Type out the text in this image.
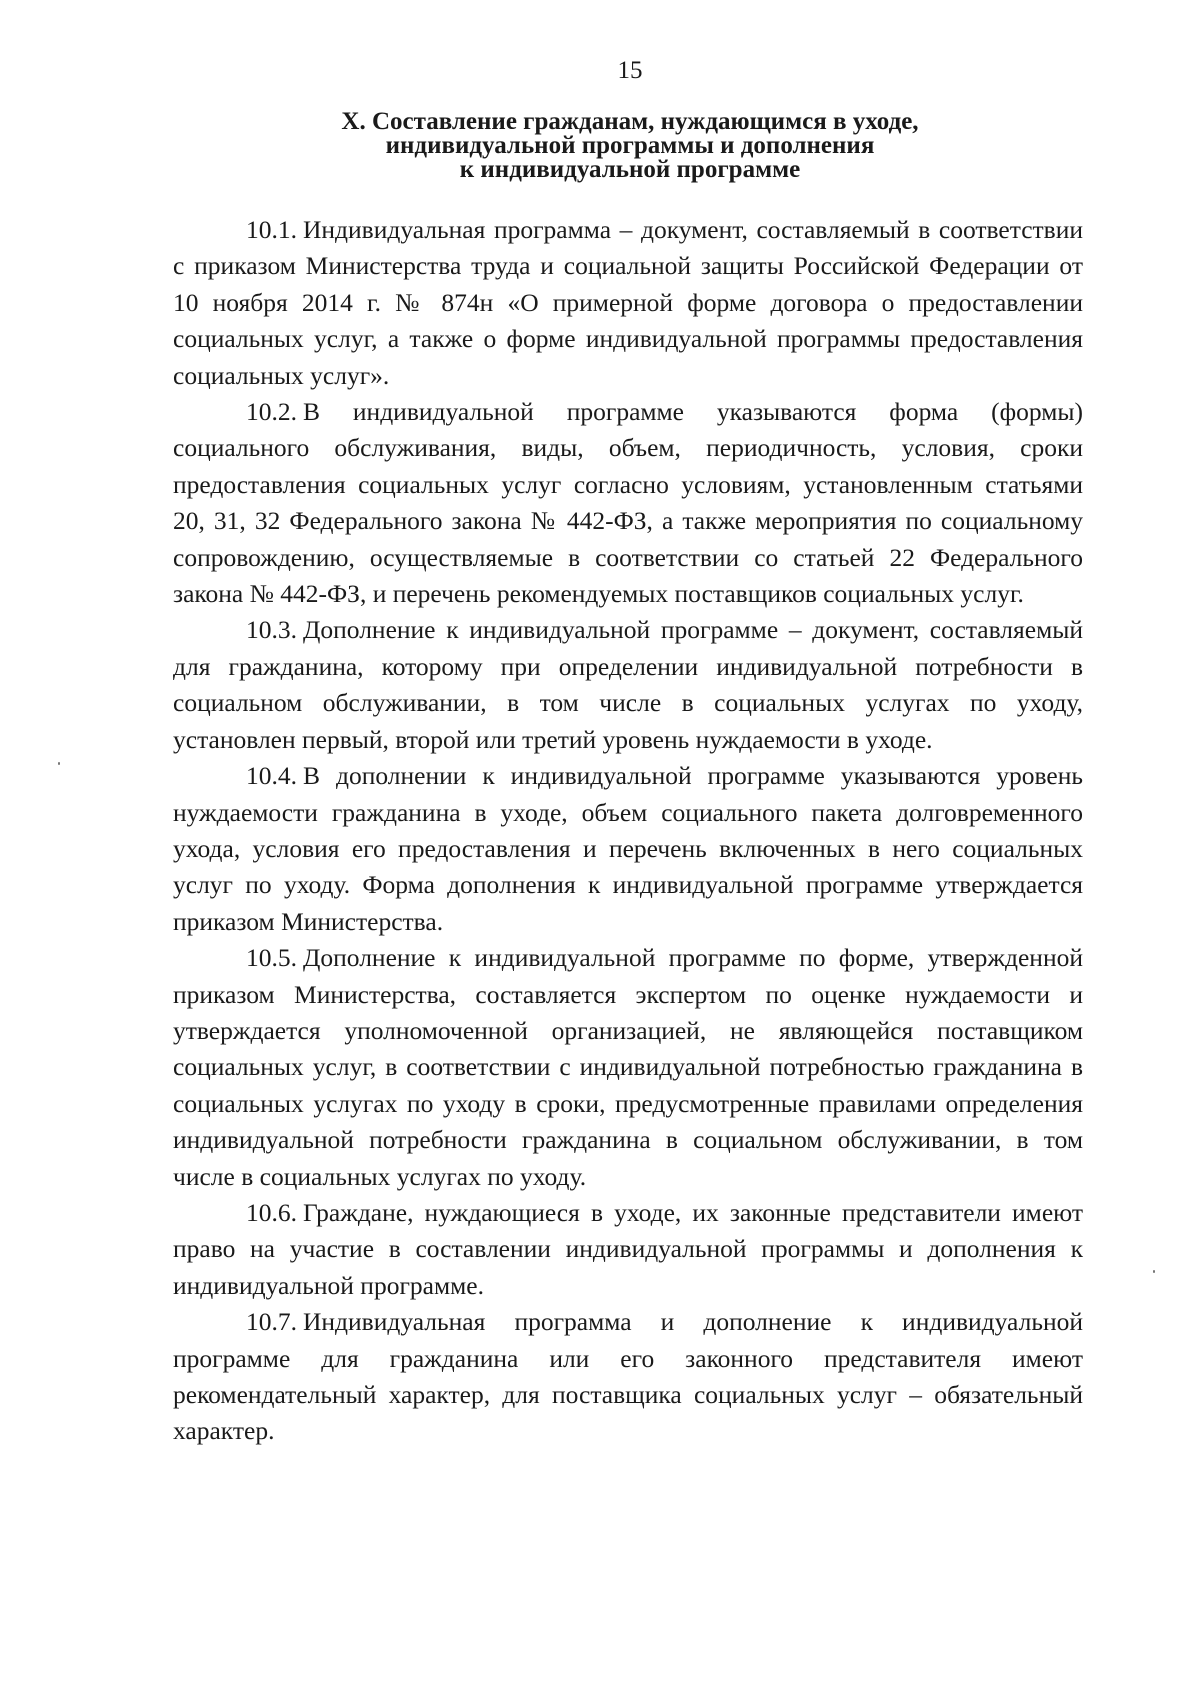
15
X. Составление гражданам, нуждающимся в уходе,
индивидуальной программы и дополнения
к индивидуальной программе

10.1. Индивидуальная программа – документ, составляемый в соответствии с приказом Министерства труда и социальной защиты Российской Федерации от 10 ноября 2014 г. № 874н «О примерной форме договора о предоставлении социальных услуг, а также о форме индивидуальной программы предоставления социальных услуг».

10.2. В индивидуальной программе указываются форма (формы) социального обслуживания, виды, объем, периодичность, условия, сроки предоставления социальных услуг согласно условиям, установленным статьями 20, 31, 32 Федерального закона № 442-ФЗ, а также мероприятия по социальному сопровождению, осуществляемые в соответствии со статьей 22 Федерального закона № 442-ФЗ, и перечень рекомендуемых поставщиков социальных услуг.

10.3. Дополнение к индивидуальной программе – документ, составляемый для гражданина, которому при определении индивидуальной потребности в социальном обслуживании, в том числе в социальных услугах по уходу, установлен первый, второй или третий уровень нуждаемости в уходе.

10.4. В дополнении к индивидуальной программе указываются уровень нуждаемости гражданина в уходе, объем социального пакета долговременного ухода, условия его предоставления и перечень включенных в него социальных услуг по уходу. Форма дополнения к индивидуальной программе утверждается приказом Министерства.

10.5. Дополнение к индивидуальной программе по форме, утвержденной приказом Министерства, составляется экспертом по оценке нуждаемости и утверждается уполномоченной организацией, не являющейся поставщиком социальных услуг, в соответствии с индивидуальной потребностью гражданина в социальных услугах по уходу в сроки, предусмотренные правилами определения индивидуальной потребности гражданина в социальном обслуживании, в том числе в социальных услугах по уходу.

10.6. Граждане, нуждающиеся в уходе, их законные представители имеют право на участие в составлении индивидуальной программы и дополнения к индивидуальной программе.

10.7. Индивидуальная программа и дополнение к индивидуальной программе для гражданина или его законного представителя имеют рекомендательный характер, для поставщика социальных услуг – обязательный характер.
